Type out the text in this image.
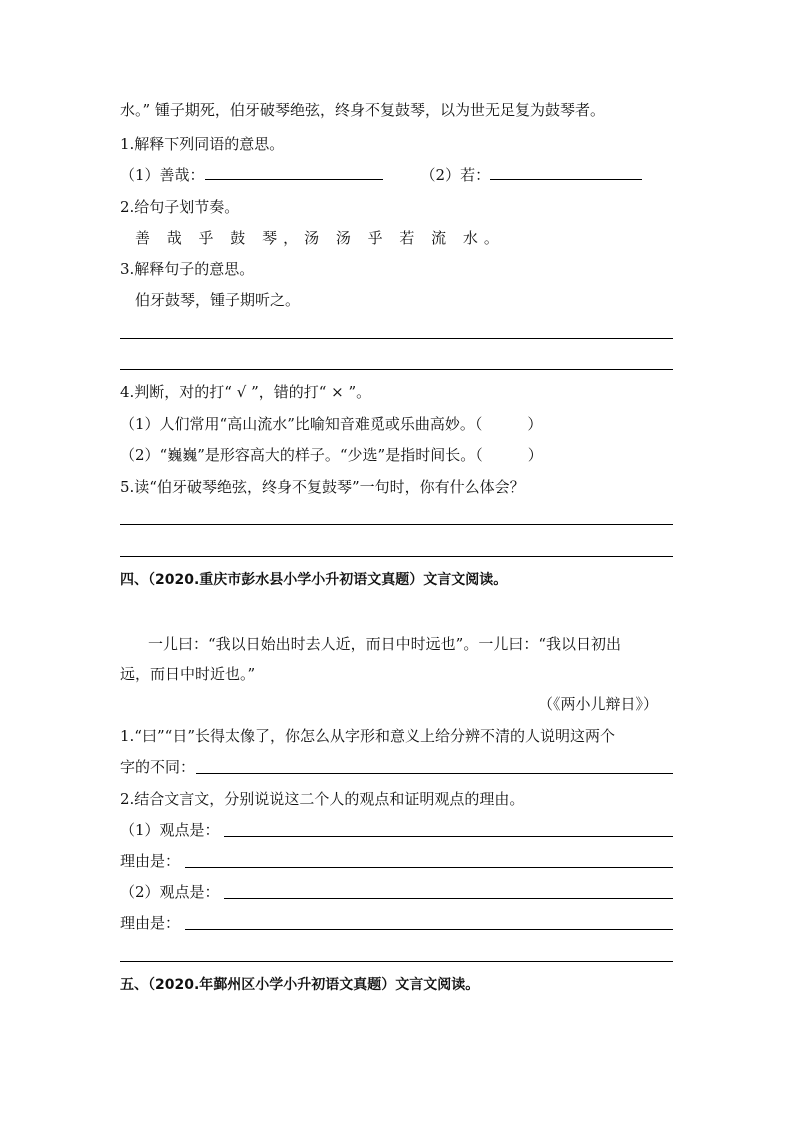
水。” 锺子期死，伯牙破琴绝弦，终身不复鼓琴，以为世无足复为鼓琴者。
1.解释下列同语的意思。
（1）善哉：	（2）若：
2.给句子划节奏。
善 哉 乎 鼓 琴，汤 汤 乎 若 流 水。
3.解释句子的意思。
伯牙鼓琴，锺子期听之。
4.判断，对的打“ √ ”，错的打“ × ”。
（1）人们常用“高山流水”比喻知音难觅或乐曲高妙。（　　　）
（2）“巍巍”是形容高大的样子。“少选”是指时间长。（　　　）
5.读“伯牙破琴绝弦，终身不复鼓琴”一句时，你有什么体会？
四、（2020.重庆市彭水县小学小升初语文真题）文言文阅读。
一儿曰：“我以日始出时去人近，而日中时远也”。一儿曰：“我以日初出
远，而日中时近也。”
（《两小儿辩日》）
1.“曰”“日”长得太像了，你怎么从字形和意义上给分辨不清的人说明这两个
字的不同：
2.结合文言文，分别说说这二个人的观点和证明观点的理由。
（1）观点是：
理由是：
（2）观点是：
理由是：
五、（2020.年鄞州区小学小升初语文真题）文言文阅读。
